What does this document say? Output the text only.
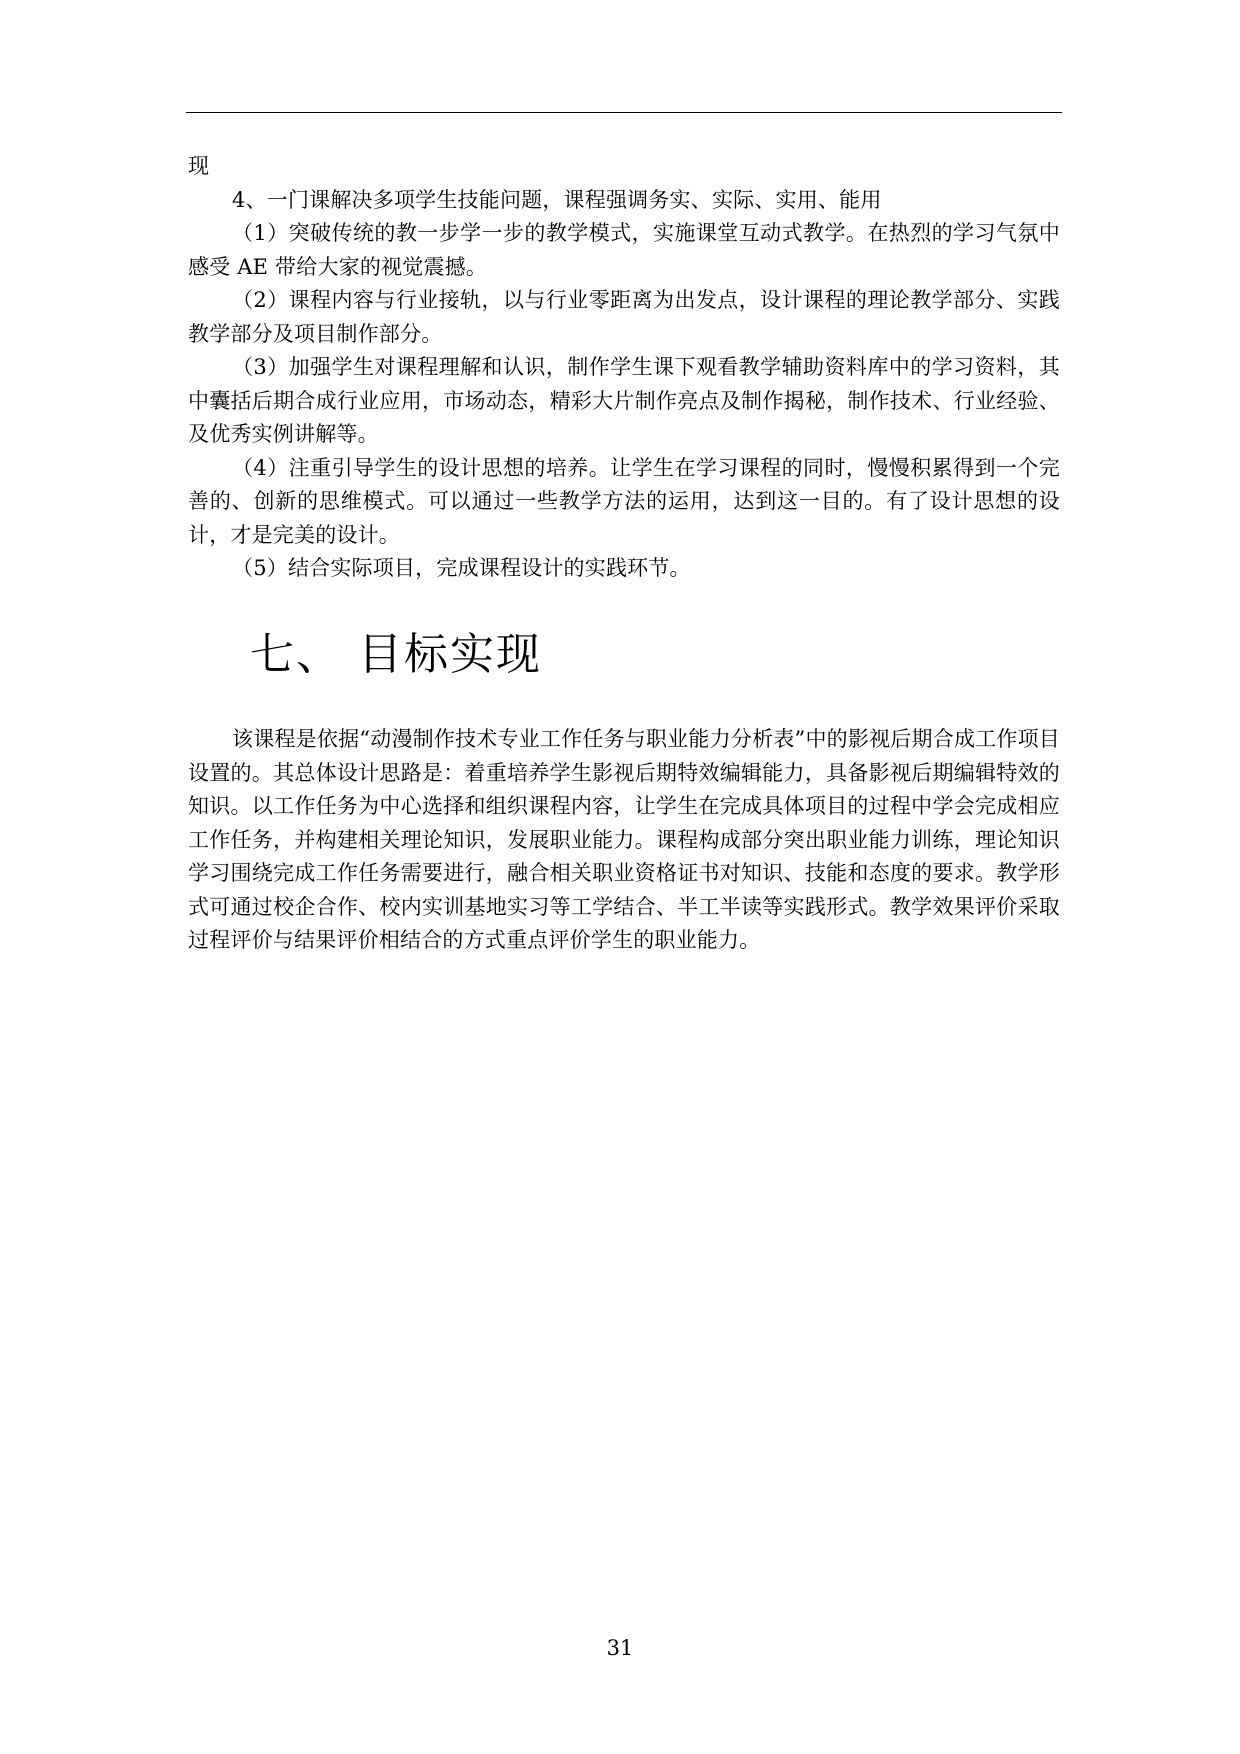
现

4、一门课解决多项学生技能问题，课程强调务实、实际、实用、能用

（1）突破传统的教一步学一步的教学模式，实施课堂互动式教学。在热烈的学习气氛中感受 AE 带给大家的视觉震撼。

（2）课程内容与行业接轨，以与行业零距离为出发点，设计课程的理论教学部分、实践教学部分及项目制作部分。

（3）加强学生对课程理解和认识，制作学生课下观看教学辅助资料库中的学习资料，其中囊括后期合成行业应用，市场动态，精彩大片制作亮点及制作揭秘，制作技术、行业经验、及优秀实例讲解等。

（4）注重引导学生的设计思想的培养。让学生在学习课程的同时，慢慢积累得到一个完善的、创新的思维模式。可以通过一些教学方法的运用，达到这一目的。有了设计思想的设计，才是完美的设计。

（5）结合实际项目，完成课程设计的实践环节。

七、 目标实现

该课程是依据“动漫制作技术专业工作任务与职业能力分析表”中的影视后期合成工作项目设置的。其总体设计思路是：着重培养学生影视后期特效编辑能力，具备影视后期编辑特效的知识。以工作任务为中心选择和组织课程内容，让学生在完成具体项目的过程中学会完成相应工作任务，并构建相关理论知识，发展职业能力。课程构成部分突出职业能力训练，理论知识学习围绕完成工作任务需要进行，融合相关职业资格证书对知识、技能和态度的要求。教学形式可通过校企合作、校内实训基地实习等工学结合、半工半读等实践形式。教学效果评价采取过程评价与结果评价相结合的方式重点评价学生的职业能力。

31
